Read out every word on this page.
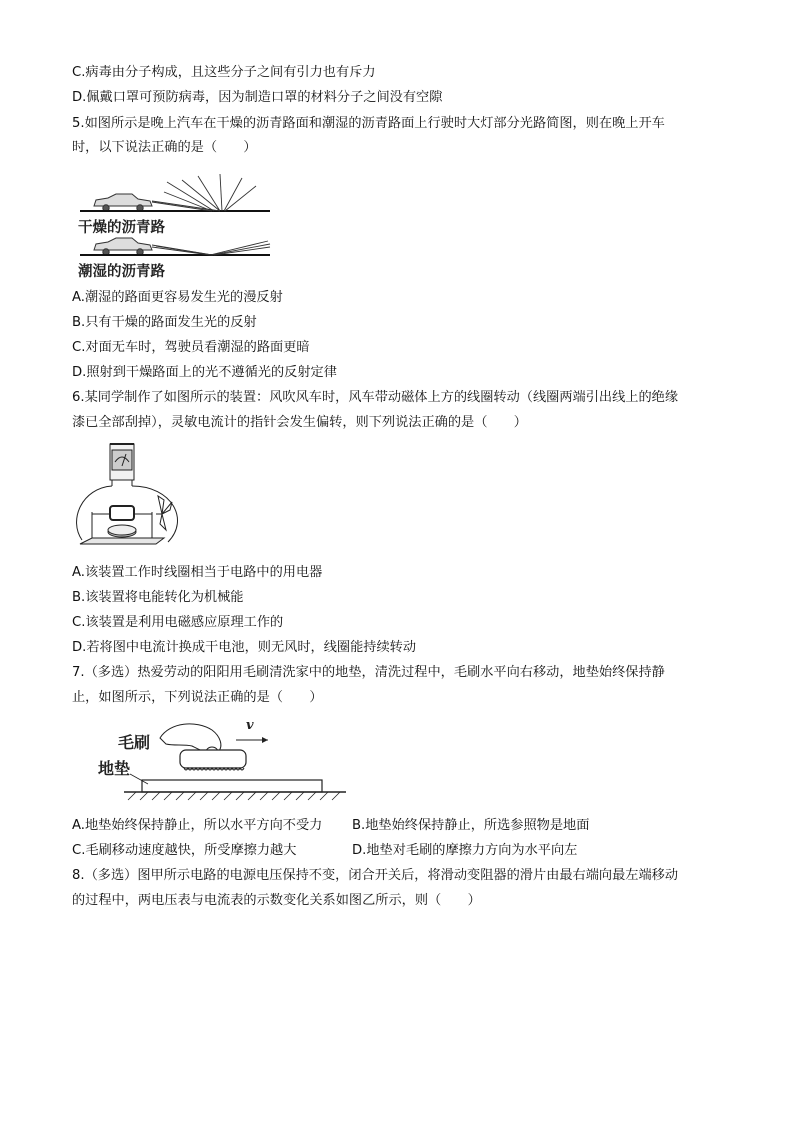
C.病毒由分子构成，且这些分子之间有引力也有斥力
D.佩戴口罩可预防病毒，因为制造口罩的材料分子之间没有空隙
5.如图所示是晚上汽车在干燥的沥青路面和潮湿的沥青路面上行驶时大灯部分光路简图，则在晚上开车
时，以下说法正确的是（　　）
干燥的沥青路
潮湿的沥青路
A.潮湿的路面更容易发生光的漫反射
B.只有干燥的路面发生光的反射
C.对面无车时，驾驶员看潮湿的路面更暗
D.照射到干燥路面上的光不遵循光的反射定律
6.某同学制作了如图所示的装置：风吹风车时，风车带动磁体上方的线圈转动（线圈两端引出线上的绝缘
漆已全部刮掉），灵敏电流计的指针会发生偏转，则下列说法正确的是（　　）
A.该装置工作时线圈相当于电路中的用电器
B.该装置将电能转化为机械能
C.该装置是利用电磁感应原理工作的
D.若将图中电流计换成干电池，则无风时，线圈能持续转动
7.（多选）热爱劳动的阳阳用毛刷清洗家中的地垫，清洗过程中，毛刷水平向右移动，地垫始终保持静
止，如图所示，下列说法正确的是（　　）
毛刷
地垫
v
A.地垫始终保持静止，所以水平方向不受力 B.地垫始终保持静止，所选参照物是地面
C.毛刷移动速度越快，所受摩擦力越大	D.地垫对毛刷的摩擦力方向为水平向左
8.（多选）图甲所示电路的电源电压保持不变，闭合开关后，将滑动变阻器的滑片由最右端向最左端移动
的过程中，两电压表与电流表的示数变化关系如图乙所示，则（　　）
